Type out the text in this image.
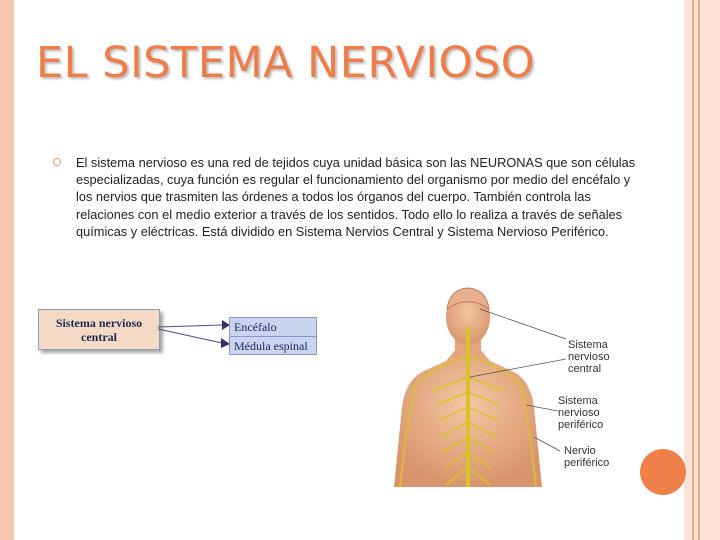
EL SISTEMA NERVIOSO
El sistema nervioso es una red de tejidos cuya unidad básica son las NEURONAS que son células especializadas, cuya función es regular el funcionamiento del organismo por medio del encéfalo y los nervios que trasmiten las órdenes a todos los órganos del cuerpo. También controla las relaciones con el medio exterior a través de los sentidos. Todo ello lo realiza a través de señales químicas y eléctricas. Está dividido en Sistema Nervios Central y Sistema Nervioso Periférico.
Sistema nervioso central
Encéfalo
Médula espinal	Sistema nervioso central
Sistema nervioso periférico
Nervio periférico
